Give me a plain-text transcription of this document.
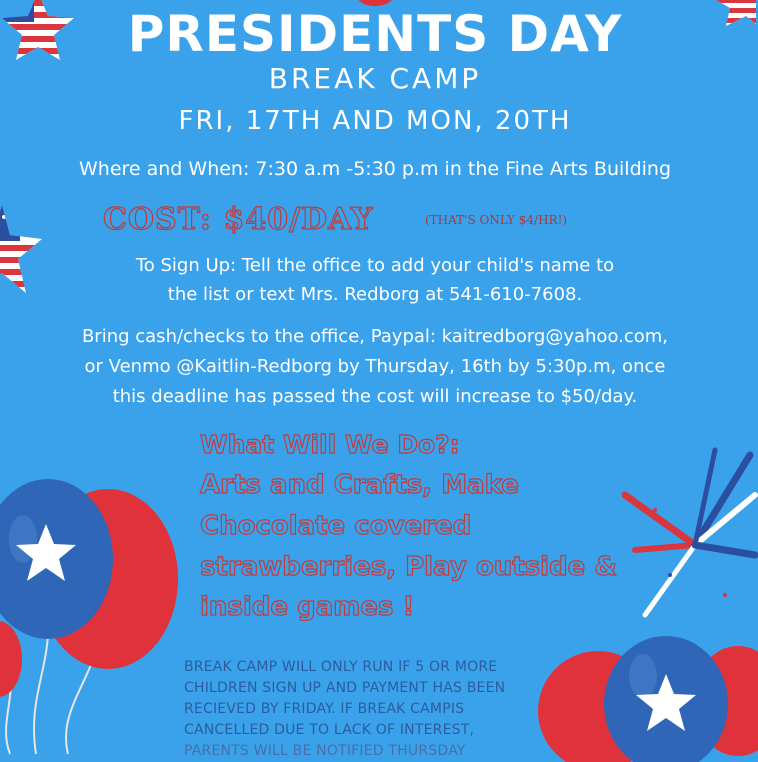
PRESIDENTS DAY
BREAK CAMP
FRI, 17TH AND MON, 20TH
Where and When: 7:30 a.m -5:30 p.m in the Fine Arts Building
COST: $40/DAY	(THAT'S ONLY $4/HR!)
To Sign Up: Tell the office to add your child's name to
the list or text Mrs. Redborg at 541-610-7608.
Bring cash/checks to the office, Paypal: kaitredborg@yahoo.com,
or Venmo @Kaitlin-Redborg by Thursday, 16th by 5:30p.m, once
this deadline has passed the cost will increase to $50/day.
What Will We Do?:
Arts and Crafts, Make
Chocolate covered
strawberries, Play outside &
inside games !
BREAK CAMP WILL ONLY RUN IF 5 OR MORE
CHILDREN SIGN UP AND PAYMENT HAS BEEN
RECIEVED BY FRIDAY. IF BREAK CAMPIS
CANCELLED DUE TO LACK OF INTEREST,
PARENTS WILL BE NOTIFIED THURSDAY
